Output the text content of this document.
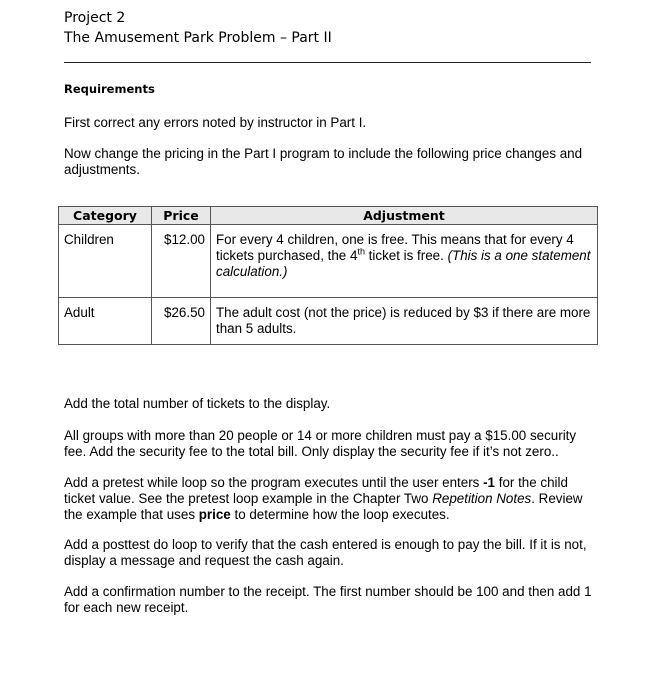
Project 2
The Amusement Park Problem – Part II
Requirements
First correct any errors noted by instructor in Part I.
Now change the pricing in the Part I program to include the following price changes and adjustments.
Category	Price	Adjustment
Children	$12.00	For every 4 children, one is free. This means that for every 4 tickets purchased, the 4th ticket is free. (This is a one statement calculation.)
Adult	$26.50	The adult cost (not the price) is reduced by $3 if there are more than 5 adults.
Add the total number of tickets to the display.
All groups with more than 20 people or 14 or more children must pay a $15.00 security fee. Add the security fee to the total bill. Only display the security fee if it’s not zero..
Add a pretest while loop so the program executes until the user enters -1 for the child ticket value. See the pretest loop example in the Chapter Two Repetition Notes. Review the example that uses price to determine how the loop executes.
Add a posttest do loop to verify that the cash entered is enough to pay the bill. If it is not, display a message and request the cash again.
Add a confirmation number to the receipt. The first number should be 100 and then add 1 for each new receipt.
